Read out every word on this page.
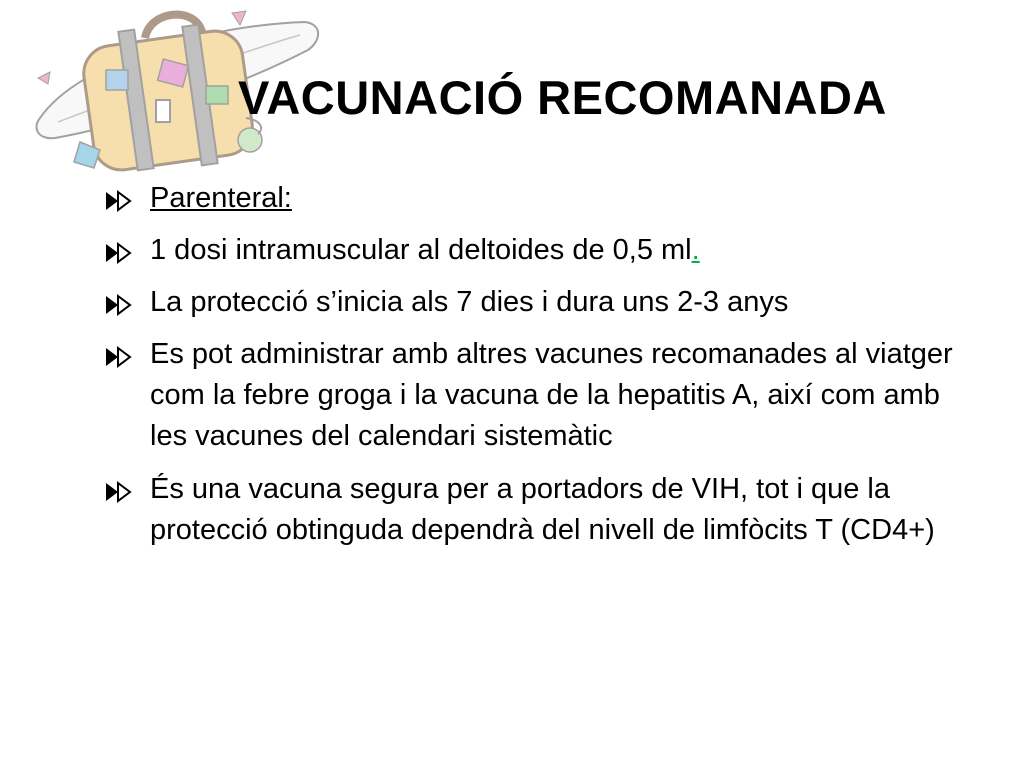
VACUNACIÓ RECOMANADA
Parenteral:
1 dosi intramuscular al deltoides de 0,5 ml.
La protecció s’inicia als 7 dies i dura uns 2-3 anys
Es pot administrar amb altres vacunes recomanades al viatger com la febre groga i la vacuna de la hepatitis A, així com amb les vacunes del calendari sistemàtic
És una vacuna segura per a portadors de VIH, tot i que la protecció obtinguda dependrà del nivell de limfòcits T (CD4+)
